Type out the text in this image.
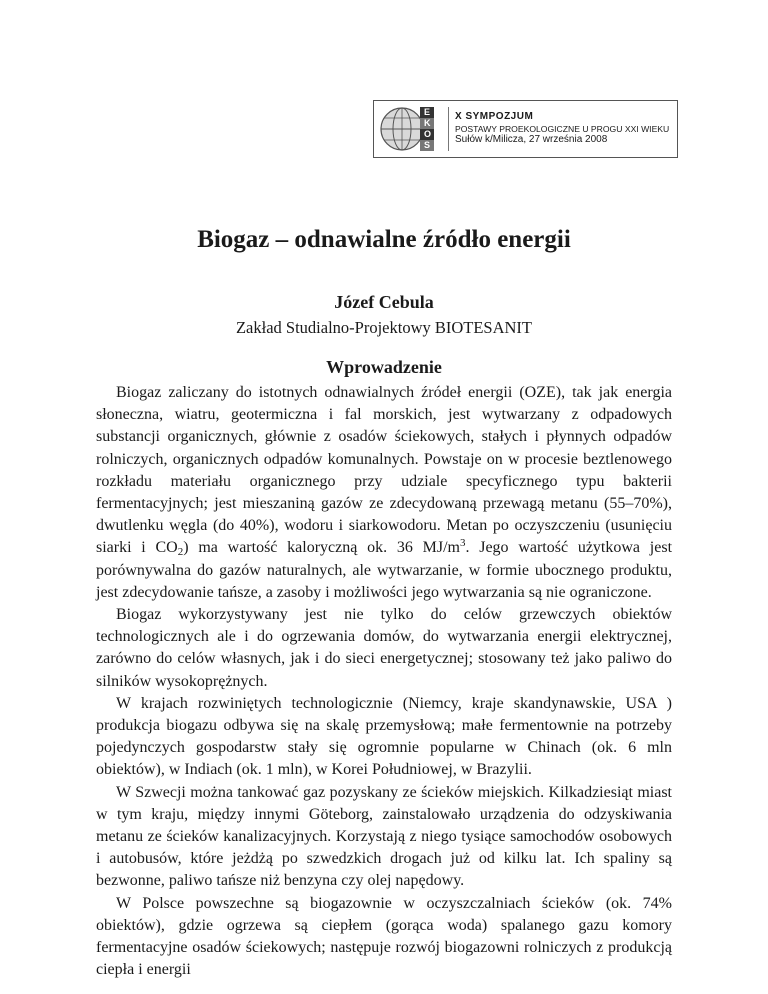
E
K
O
S
X SYMPOZJUM
POSTAWY PROEKOLOGICZNE U PROGU XXI WIEKU
Sułów k/Milicza, 27 września 2008
Biogaz – odnawialne źródło energii
Józef Cebula
Zakład Studialno-Projektowy BIOTESANIT
Wprowadzenie

Biogaz zaliczany do istotnych odnawialnych źródeł energii (OZE), tak jak energia słoneczna, wiatru, geotermiczna i fal morskich, jest wytwarzany z odpadowych substancji organicznych, głównie z osadów ściekowych, stałych i płynnych odpadów rolniczych, organicznych odpadów komunalnych. Powstaje on w procesie beztlenowego rozkładu materiału organicznego przy udziale specyficznego typu bakterii fermentacyjnych; jest mieszaniną gazów ze zdecydowaną przewagą metanu (55–70%), dwutlenku węgla (do 40%), wodoru i siarkowodoru. Metan po oczyszczeniu (usunięciu siarki i $CO_2$) ma wartość kaloryczną ok. 36 $MJ/m^3$. Jego wartość użytkowa jest porównywalna do gazów naturalnych, ale wytwarzanie, w formie ubocznego produktu, jest zdecydowanie tańsze, a zasoby i możliwości jego wytwarzania są nie ograniczone.

Biogaz wykorzystywany jest nie tylko do celów grzewczych obiektów technologicznych ale i do ogrzewania domów, do wytwarzania energii elektrycznej, zarówno do celów własnych, jak i do sieci energetycznej; stosowany też jako paliwo do silników wysokoprężnych.

W krajach rozwiniętych technologicznie (Niemcy, kraje skandynawskie, USA ) produkcja biogazu odbywa się na skalę przemysłową; małe fermentownie na potrzeby pojedynczych gospodarstw stały się ogromnie popularne w Chinach (ok. 6 mln obiektów), w Indiach (ok. 1 mln), w Korei Południowej, w Brazylii.

W Szwecji można tankować gaz pozyskany ze ścieków miejskich. Kilkadziesiąt miast w tym kraju, między innymi Göteborg, zainstalowało urządzenia do odzyskiwania metanu ze ścieków kanalizacyjnych. Korzystają z niego tysiące samochodów osobowych i autobusów, które jeżdżą po szwedzkich drogach już od kilku lat. Ich spaliny są bezwonne, paliwo tańsze niż benzyna czy olej napędowy.

W Polsce powszechne są biogazownie w oczyszczalniach ścieków (ok. 74% obiektów), gdzie ogrzewa są ciepłem (gorąca woda) spalanego gazu komory fermentacyjne osadów ściekowych; następuje rozwój biogazowni rolniczych z produkcją ciepła i energii
